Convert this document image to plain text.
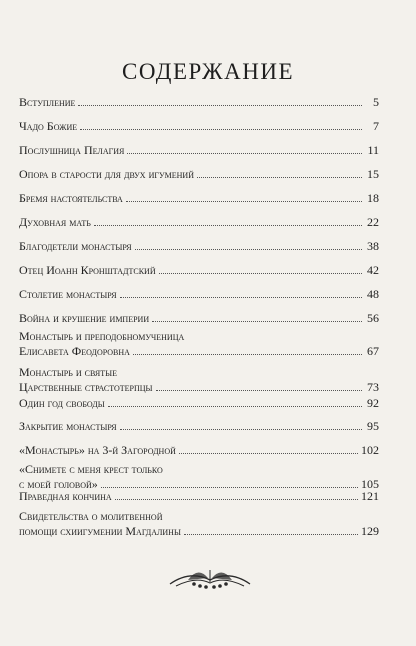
СОДЕРЖАНИЕ
Вступление	5
Чадо Божие	7
Послушница Пелагия	11
Опора в старости для двух игумений	15
Бремя настоятельства	18
Духовная мать	22
Благодетели монастыря	38
Отец Иоанн Кронштадтский	42
Столетие монастыря	48
Война и крушение империи	56
Монастырь и преподобномученица
Елисавета Феодоровна	67
Монастырь и святые
Царственные страстотерпцы	73
Один год свободы	92
Закрытие монастыря	95
«Монастырь» на 3-й Загородной	102
«Снимете с меня крест только
с моей головой»	105
Праведная кончина	121
Свидетельства о молитвенной
помощи схиигумении Магдалины	129
